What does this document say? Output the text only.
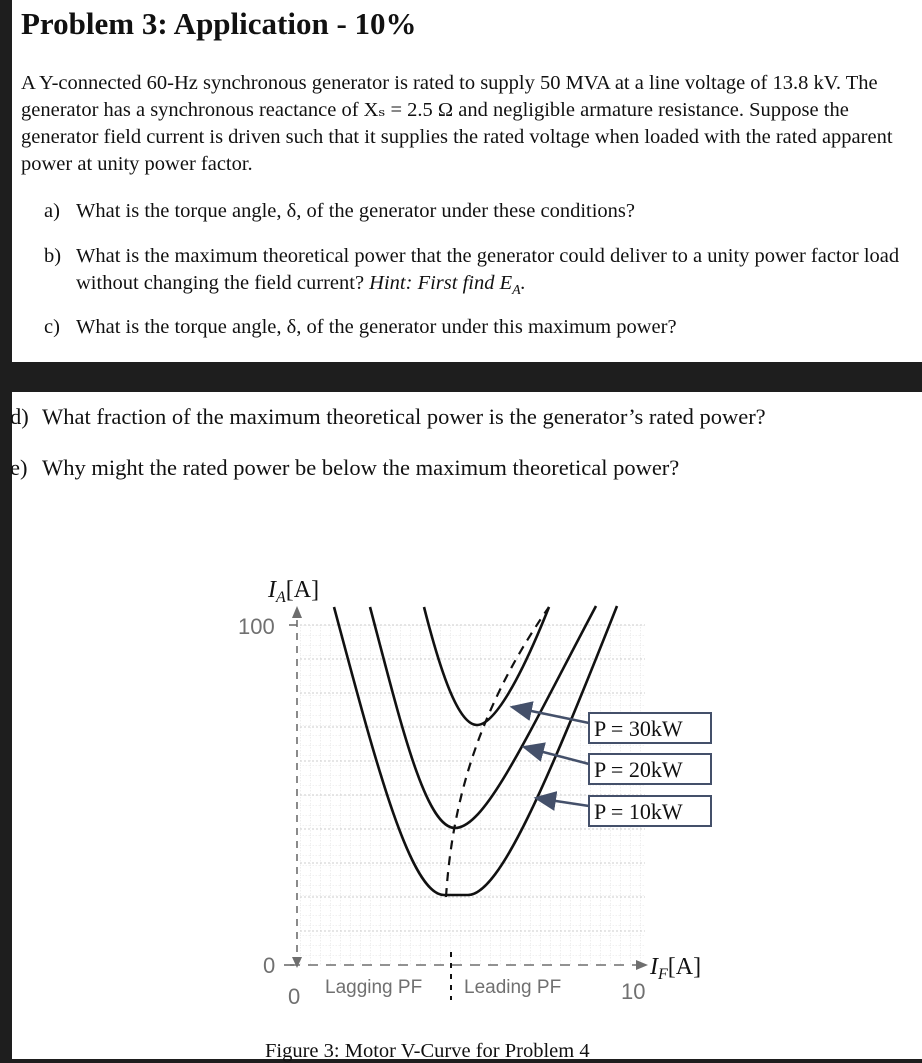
Problem 3: Application - 10%
A Y-connected 60-Hz synchronous generator is rated to supply 50 MVA at a line voltage of 13.8 kV. The generator has a synchronous reactance of Xₛ = 2.5 Ω and negligible armature resistance. Suppose the generator field current is driven such that it supplies the rated voltage when loaded with the rated apparent power at unity power factor.
a) What is the torque angle, δ, of the generator under these conditions?
b) What is the maximum theoretical power that the generator could deliver to a unity power factor load without changing the field current? Hint: First find $E_A$.
c) What is the torque angle, δ, of the generator under this maximum power?
d) What fraction of the maximum theoretical power is the generator’s rated power?
e) Why might the rated power be below the maximum theoretical power?
P = 30kW
P = 20kW
P = 10kW
$I_A[A]$
100
0
0	10
Lagging PF Leading PF
$I_F[A]$
Figure 3: Motor V-Curve for Problem 4
